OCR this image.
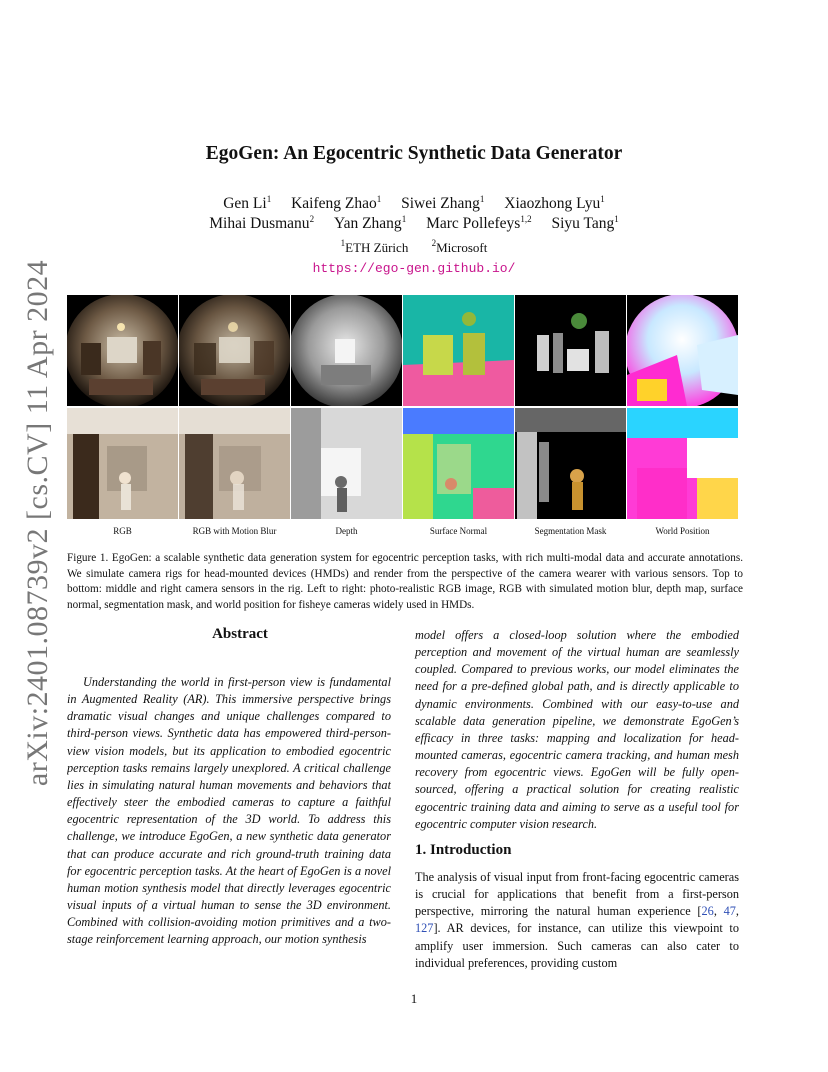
arXiv:2401.08739v2 [cs.CV] 11 Apr 2024
EgoGen: An Egocentric Synthetic Data Generator
Gen Li$^1$ Kaifeng Zhao$^1$ Siwei Zhang$^1$ Xiaozhong Lyu$^1$
Mihai Dusmanu$^2$ Yan Zhang$^1$ Marc Pollefeys$^{1,2}$ Siyu Tang$^1$
$^1$ETH Zürich	$^2$Microsoft
https://ego-gen.github.io/
RGB	RGB with Motion Blur	Depth	Surface Normal	Segmentation Mask	World Position
Figure 1. EgoGen: a scalable synthetic data generation system for egocentric perception tasks, with rich multi-modal data and accurate annotations. We simulate camera rigs for head-mounted devices (HMDs) and render from the perspective of the camera wearer with various sensors. Top to bottom: middle and right camera sensors in the rig. Left to right: photo-realistic RGB image, RGB with simulated motion blur, depth map, surface normal, segmentation mask, and world position for fisheye cameras widely used in HMDs.
Abstract

Understanding the world in first-person view is fundamental in Augmented Reality (AR). This immersive perspective brings dramatic visual changes and unique challenges compared to third-person views. Synthetic data has empowered third-person-view vision models, but its application to embodied egocentric perception tasks remains largely unexplored. A critical challenge lies in simulating natural human movements and behaviors that effectively steer the embodied cameras to capture a faithful egocentric representation of the 3D world. To address this challenge, we introduce EgoGen, a new synthetic data generator that can produce accurate and rich ground-truth training data for egocentric perception tasks. At the heart of EgoGen is a novel human motion synthesis model that directly leverages egocentric visual inputs of a virtual human to sense the 3D environment. Combined with collision-avoiding motion primitives and a two-stage reinforcement learning approach, our motion synthesis

1. Introduction

The analysis of visual input from front-facing egocentric cameras is crucial for applications that benefit from a first-person perspective, mirroring the natural human experience [26, 47, 127]. AR devices, for instance, can utilize this viewpoint to amplify user immersion. Such cameras can also cater to individual preferences, providing custom

1
model offers a closed-loop solution where the embodied perception and movement of the virtual human are seamlessly coupled. Compared to previous works, our model eliminates the need for a pre-defined global path, and is directly applicable to dynamic environments. Combined with our easy-to-use and scalable data generation pipeline, we demonstrate EgoGen’s efficacy in three tasks: mapping and localization for head-mounted cameras, egocentric camera tracking, and human mesh recovery from egocentric views. EgoGen will be fully open-sourced, offering a practical solution for creating realistic egocentric training data and aiming to serve as a useful tool for egocentric computer vision research.
